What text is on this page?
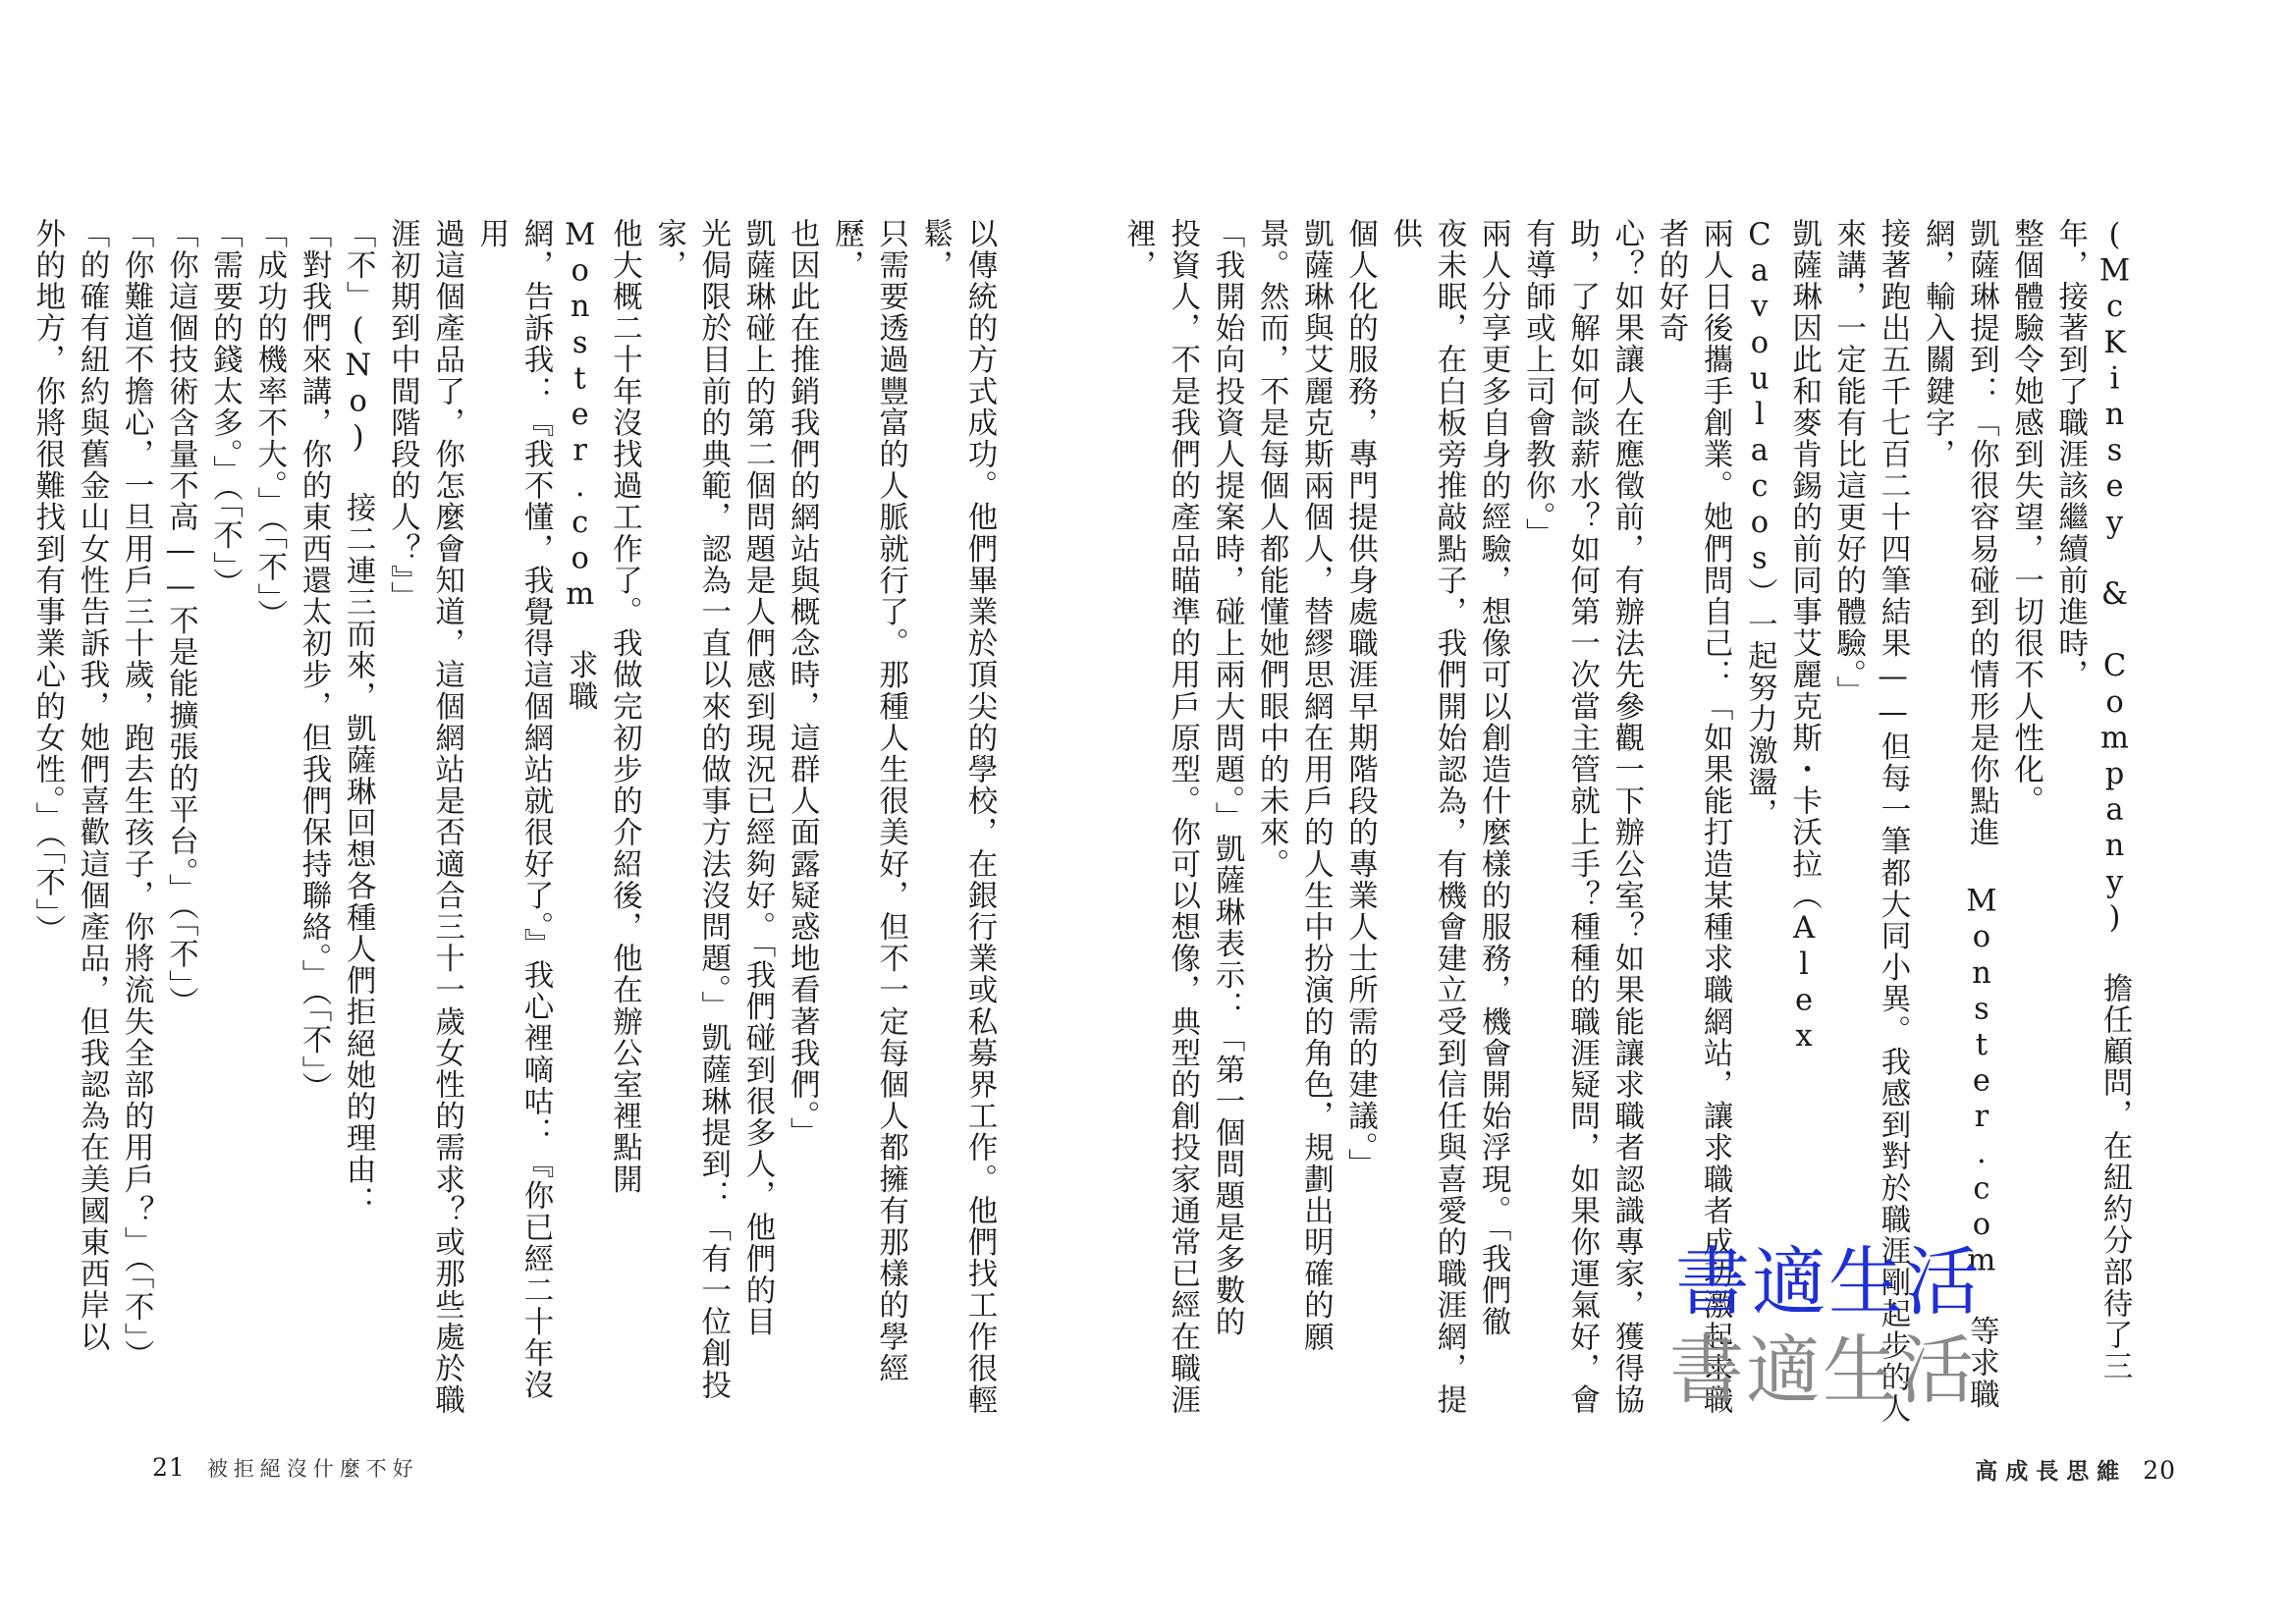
以傳統的方式成功。他們畢業於頂尖的學校，在銀行業或私募界工作。他們找工作很輕鬆，

只需要透過豐富的人脈就行了。那種人生很美好，但不一定每個人都擁有那樣的學經歷，

也因此在推銷我們的網站與概念時，這群人面露疑惑地看著我們。」

凱薩琳碰上的第二個問題是人們感到現況已經夠好。「我們碰到很多人，他們的目

光侷限於目前的典範，認為一直以來的做事方法沒問題。」凱薩琳提到：「有一位創投家，

他大概二十年沒找過工作了。我做完初步的介紹後，他在辦公室裡點開 Monster.com 求職

網，告訴我：『我不懂，我覺得這個網站就很好了。』我心裡嘀咕：『你已經二十年沒用

過這個產品了，你怎麼會知道，這個網站是否適合三十一歲女性的需求？或那些處於職

涯初期到中間階段的人？』」

「不」(No) 接二連三而來，凱薩琳回想各種人們拒絕她的理由：

「對我們來講，你的東西還太初步，但我們保持聯絡。」（「不」）

「成功的機率不大。」（「不」）

「需要的錢太多。」（「不」）

「你這個技術含量不高——不是能擴張的平台。」（「不」）

「你難道不擔心，一旦用戶三十歲，跑去生孩子，你將流失全部的用戶？」（「不」）

「的確有紐約與舊金山女性告訴我，她們喜歡這個產品，但我認為在美國東西岸以

外的地方，你將很難找到有事業心的女性。」（「不」）

21 被拒絕沒什麼不好

(McKinsey & Company) 擔任顧問，在紐約分部待了三年，接著到了職涯該繼續前進時，

整個體驗令她感到失望，一切很不人性化。

凱薩琳提到：「你很容易碰到的情形是你點進 Monster.com 等求職網，輸入關鍵字，

接著跑出五千七百二十四筆結果——但每一筆都大同小異。我感到對於職涯剛起步的人

來講，一定能有比這更好的體驗。」

凱薩琳因此和麥肯錫的前同事艾麗克斯・卡沃拉（Alex Cavoulacos）一起努力激盪，

兩人日後攜手創業。她們問自己：「如果能打造某種求職網站，讓求職者成功激起求職者的好奇

心？如果讓人在應徵前，有辦法先參觀一下辦公室？如果能讓求職者認識專家，獲得協

助，了解如何談薪水？如何第一次當主管就上手？種種的職涯疑問，如果你運氣好，會

有導師或上司會教你。」

兩人分享更多自身的經驗，想像可以創造什麼樣的服務，機會開始浮現。「我們徹

夜未眠，在白板旁推敲點子，我們開始認為，有機會建立受到信任與喜愛的職涯網，提供

個人化的服務，專門提供身處職涯早期階段的專業人士所需的建議。」

凱薩琳與艾麗克斯兩個人，替繆思網在用戶的人生中扮演的角色，規劃出明確的願

景。然而，不是每個人都能懂她們眼中的未來。

「我開始向投資人提案時，碰上兩大問題。」凱薩琳表示：「第一個問題是多數的

投資人，不是我們的產品瞄準的用戶原型。你可以想像，典型的創投家通常已經在職涯裡，

高成長思維 20
書適生活
書適生活
